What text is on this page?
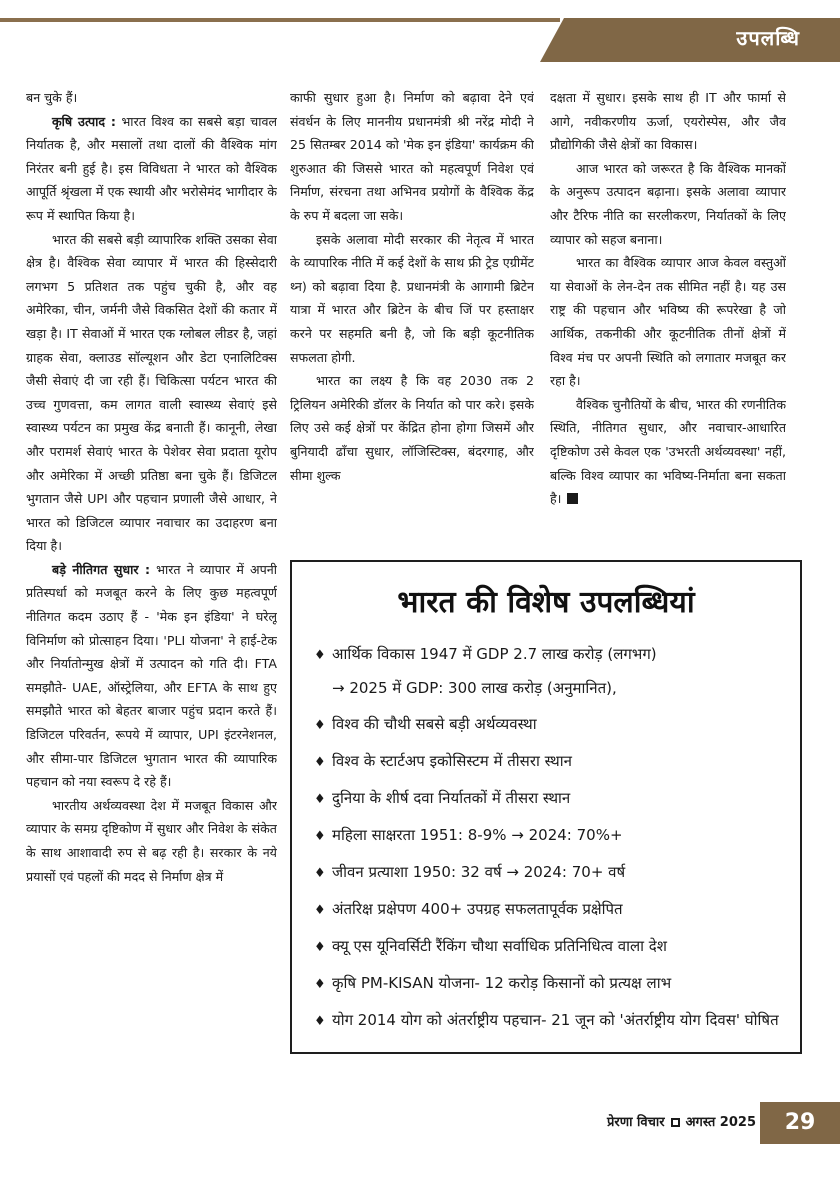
उपलब्धि

बन चुके हैं।

कृषि उत्पाद : भारत विश्व का सबसे बड़ा चावल निर्यातक है, और मसालों तथा दालों की वैश्विक मांग निरंतर बनी हुई है। इस विविधता ने भारत को वैश्विक आपूर्ति श्रृंखला में एक स्थायी और भरोसेमंद भागीदार के रूप में स्थापित किया है।

भारत की सबसे बड़ी व्यापारिक शक्ति उसका सेवा क्षेत्र है। वैश्विक सेवा व्यापार में भारत की हिस्सेदारी लगभग 5 प्रतिशत तक पहुंच चुकी है, और वह अमेरिका, चीन, जर्मनी जैसे विकसित देशों की कतार में खड़ा है। IT सेवाओं में भारत एक ग्लोबल लीडर है, जहां ग्राहक सेवा, क्लाउड सॉल्यूशन और डेटा एनालिटिक्स जैसी सेवाएं दी जा रही हैं। चिकित्सा पर्यटन भारत की उच्च गुणवत्ता, कम लागत वाली स्वास्थ्य सेवाएं इसे स्वास्थ्य पर्यटन का प्रमुख केंद्र बनाती हैं। कानूनी, लेखा और परामर्श सेवाएं भारत के पेशेवर सेवा प्रदाता यूरोप और अमेरिका में अच्छी प्रतिष्ठा बना चुके हैं। डिजिटल भुगतान जैसे UPI और पहचान प्रणाली जैसे आधार, ने भारत को डिजिटल व्यापार नवाचार का उदाहरण बना दिया है।

बड़े नीतिगत सुधार : भारत ने व्यापार में अपनी प्रतिस्पर्धा को मजबूत करने के लिए कुछ महत्वपूर्ण नीतिगत कदम उठाए हैं - 'मेक इन इंडिया' ने घरेलू विनिर्माण को प्रोत्साहन दिया। 'PLI योजना' ने हाई-टेक और निर्यातोन्मुख क्षेत्रों में उत्पादन को गति दी। FTA समझौते- UAE, ऑस्ट्रेलिया, और EFTA के साथ हुए समझौते भारत को बेहतर बाजार पहुंच प्रदान करते हैं। डिजिटल परिवर्तन, रूपये में व्यापार, UPI इंटरनेशनल, और सीमा-पार डिजिटल भुगतान भारत की व्यापारिक पहचान को नया स्वरूप दे रहे हैं।

भारतीय अर्थव्यवस्था देश में मजबूत विकास और व्यापार के समग्र दृष्टिकोण में सुधार और निवेश के संकेत के साथ आशावादी रुप से बढ़ रही है। सरकार के नये प्रयासों एवं पहलों की मदद से निर्माण क्षेत्र में

काफी सुधार हुआ है। निर्माण को बढ़ावा देने एवं संवर्धन के लिए माननीय प्रधानमंत्री श्री नरेंद्र मोदी ने 25 सितम्बर 2014 को 'मेक इन इंडिया' कार्यक्रम की शुरुआत की जिससे भारत को महत्वपूर्ण निवेश एवं निर्माण, संरचना तथा अभिनव प्रयोगों के वैश्विक केंद्र के रुप में बदला जा सके।

इसके अलावा मोदी सरकार की नेतृत्व में भारत के व्यापारिक नीति में कई देशों के साथ फ्री ट्रेड एग्रीमेंट थ्न) को बढ़ावा दिया है. प्रधानमंत्री के आगामी ब्रिटेन यात्रा में भारत और ब्रिटेन के बीच जिं पर हस्ताक्षर करने पर सहमति बनी है, जो कि बड़ी कूटनीतिक सफलता होगी.

भारत का लक्ष्य है कि वह 2030 तक 2 ट्रिलियन अमेरिकी डॉलर के निर्यात को पार करे। इसके लिए उसे कई क्षेत्रों पर केंद्रित होना होगा जिसमें और बुनियादी ढाँचा सुधार, लॉजिस्टिक्स, बंदरगाह, और सीमा शुल्क

दक्षता में सुधार। इसके साथ ही IT और फार्मा से आगे, नवीकरणीय ऊर्जा, एयरोस्पेस, और जैव प्रौद्योगिकी जैसे क्षेत्रों का विकास।

आज भारत को जरूरत है कि वैश्विक मानकों के अनुरूप उत्पादन बढ़ाना। इसके अलावा व्यापार और टैरिफ नीति का सरलीकरण, निर्यातकों के लिए व्यापार को सहज बनाना।

भारत का वैश्विक व्यापार आज केवल वस्तुओं या सेवाओं के लेन-देन तक सीमित नहीं है। यह उस राष्ट्र की पहचान और भविष्य की रूपरेखा है जो आर्थिक, तकनीकी और कूटनीतिक तीनों क्षेत्रों में विश्व मंच पर अपनी स्थिति को लगातार मजबूत कर रहा है।

वैश्विक चुनौतियों के बीच, भारत की रणनीतिक स्थिति, नीतिगत सुधार, और नवाचार-आधारित दृष्टिकोण उसे केवल एक 'उभरती अर्थव्यवस्था' नहीं, बल्कि विश्व व्यापार का भविष्य-निर्माता बना सकता है।

भारत की विशेष उपलब्धियां
♦ आर्थिक विकास 1947 में GDP 2.7 लाख करोड़ (लगभग)
→ 2025 में GDP: 300 लाख करोड़ (अनुमानित),
♦ विश्व की चौथी सबसे बड़ी अर्थव्यवस्था
♦ विश्व के स्टार्टअप इकोसिस्टम में तीसरा स्थान
♦ दुनिया के शीर्ष दवा निर्यातकों में तीसरा स्थान
♦ महिला साक्षरता 1951: 8-9% → 2024: 70%+
♦ जीवन प्रत्याशा 1950: 32 वर्ष → 2024: 70+ वर्ष
♦ अंतरिक्ष प्रक्षेपण 400+ उपग्रह सफलतापूर्वक प्रक्षेपित
♦ क्यू एस यूनिवर्सिटी रैंकिंग चौथा सर्वाधिक प्रतिनिधित्व वाला देश
♦ कृषि PM-KISAN योजना- 12 करोड़ किसानों को प्रत्यक्ष लाभ
♦ योग 2014 योग को अंतर्राष्ट्रीय पहचान- 21 जून को 'अंतर्राष्ट्रीय योग दिवस' घोषित
प्रेरणा विचार अगस्त 2025	29
